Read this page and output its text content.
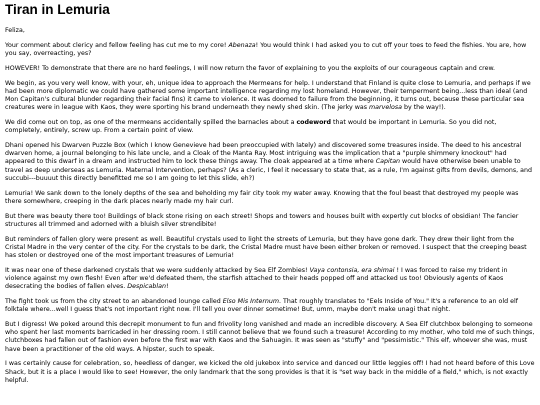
Tiran in Lemuria

Feliza,

Your comment about clericy and fellow feeling has cut me to my core! Abenaza! You would think I had asked you to cut off your toes to feed the fishies. You are, how you say, overreacting, yes?

HOWEVER! To demonstrate that there are no hard feelings, I will now return the favor of explaining to you the exploits of our courageous captain and crew.

We begin, as you very well know, with your, eh, unique idea to approach the Mermeans for help. I understand that Finland is quite close to Lemuria, and perhaps if we had been more diplomatic we could have gathered some important intelligence regarding my lost homeland. However, their temperment being...less than ideal (and Mon Capitan's cultural blunder regarding their facial fins) it came to violence. It was doomed to failure from the beginning, it turns out, because these particular sea creatures were in league with Kaos, they were sporting his brand underneath they newly shed skin. (The jerky was marvelosa by the way!).

We did come out on top, as one of the mermeans accidentally spilled the barnacles about a codeword that would be important in Lemuria. So you did not, completely, entirely, screw up. From a certain point of view.

Dhani opened his Dwarven Puzzle Box (which I know Genevieve had been preoccupied with lately) and discovered some treasures inside. The deed to his ancestral dwarven home, a journal belonging to his late uncle, and a Cloak of the Manta Ray. Most intriguing was the implication that a "purple shimmery knockout" had appeared to this dwarf in a dream and instructed him to lock these things away. The cloak appeared at a time where Capitan would have otherwise been unable to travel as deep underseas as Lemuria. Maternal Intervention, perhaps? (As a cleric, I feel it necessary to state that, as a rule, I'm against gifts from devils, demons, and succubi---buuuut this directly benefitted me so I am going to let this slide, eh?)

Lemuria! We sank down to the lonely depths of the sea and beholding my fair city took my water away. Knowing that the foul beast that destroyed my people was there somewhere, creeping in the dark places nearly made my hair curl.

But there was beauty there too! Buildings of black stone rising on each street! Shops and towers and houses built with expertly cut blocks of obsidian! The fancier structures all trimmed and adorned with a bluish silver strendibite!

But reminders of fallen glory were present as well. Beautiful crystals used to light the streets of Lemuria, but they have gone dark. They drew their light from the Cristal Madre in the very center of the city. For the crystals to be dark, the Cristal Madre must have been either broken or removed. I suspect that the creeping beast has stolen or destroyed one of the most important treasures of Lemuria!

It was near one of these darkened crystals that we were suddenly attacked by Sea Elf Zombies! Vaya contonsia, era shimai ! I was forced to raise my trident in violence against my own flesh! Even after we'd defeated them, the starfish attached to their heads popped off and attacked us too! Obviously agents of Kaos desecrating the bodies of fallen elves. Despicablan!

The fight took us from the city street to an abandoned lounge called Elso Mis Internum. That roughly translates to "Eels Inside of You." It's a reference to an old elf folktale where...well I guess that's not important right now. I'll tell you over dinner sometime! But, umm, maybe don't make unagi that night.

But I digress! We poked around this decrepit monument to fun and frivolity long vanished and made an incredible discovery. A Sea Elf clutchbox belonging to someone who spent her last moments barricaded in her dressing room. I still cannot believe that we found such a treasure! According to my mother, who told me of such things, clutchboxes had fallen out of fashion even before the first war with Kaos and the Sahuagin. It was seen as "stuffy" and "pessimistic." This elf, whoever she was, must have been a practitioner of the old ways. A hipster, such to speak.

I was certainly cause for celebration, so, heedless of danger, we kicked the old jukebox into service and danced our little leggies off! I had not heard before of this Love Shack, but it is a place I would like to see! However, the only landmark that the song provides is that it is "set way back in the middle of a field," which, is not exactly helpful.
